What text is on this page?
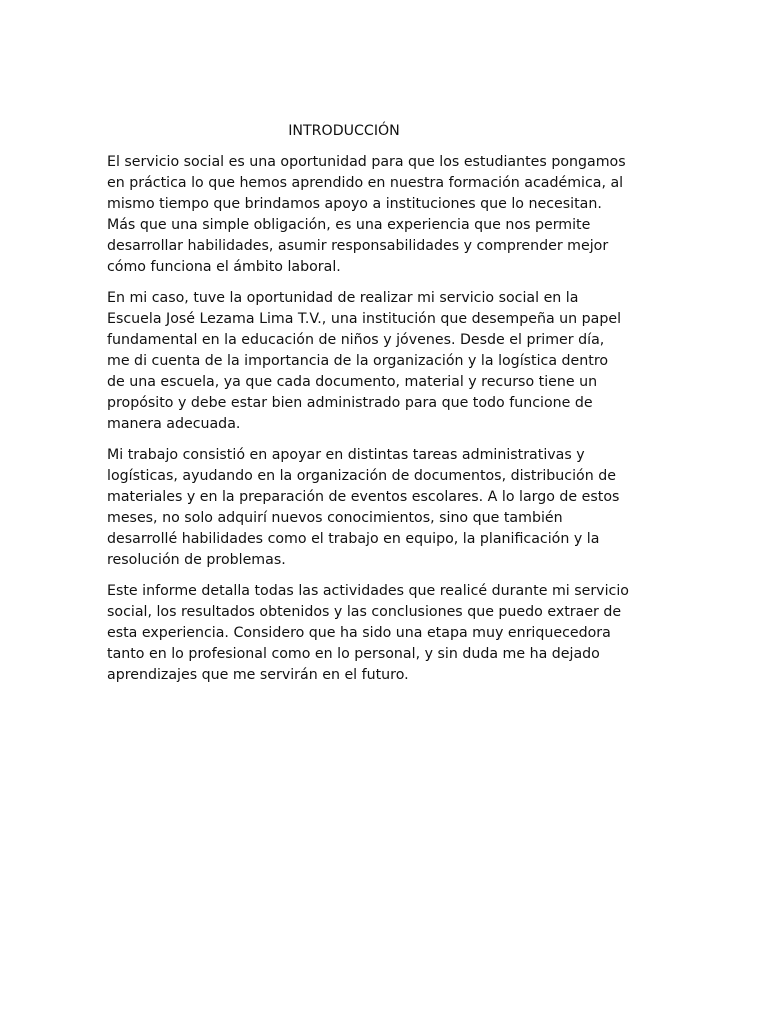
INTRODUCCIÓN

El servicio social es una oportunidad para que los estudiantes pongamos
en práctica lo que hemos aprendido en nuestra formación académica, al
mismo tiempo que brindamos apoyo a instituciones que lo necesitan.
Más que una simple obligación, es una experiencia que nos permite
desarrollar habilidades, asumir responsabilidades y comprender mejor
cómo funciona el ámbito laboral.

En mi caso, tuve la oportunidad de realizar mi servicio social en la
Escuela José Lezama Lima T.V., una institución que desempeña un papel
fundamental en la educación de niños y jóvenes. Desde el primer día,
me di cuenta de la importancia de la organización y la logística dentro
de una escuela, ya que cada documento, material y recurso tiene un
propósito y debe estar bien administrado para que todo funcione de
manera adecuada.

Mi trabajo consistió en apoyar en distintas tareas administrativas y
logísticas, ayudando en la organización de documentos, distribución de
materiales y en la preparación de eventos escolares. A lo largo de estos
meses, no solo adquirí nuevos conocimientos, sino que también
desarrollé habilidades como el trabajo en equipo, la planificación y la
resolución de problemas.

Este informe detalla todas las actividades que realicé durante mi servicio
social, los resultados obtenidos y las conclusiones que puedo extraer de
esta experiencia. Considero que ha sido una etapa muy enriquecedora
tanto en lo profesional como en lo personal, y sin duda me ha dejado
aprendizajes que me servirán en el futuro.
